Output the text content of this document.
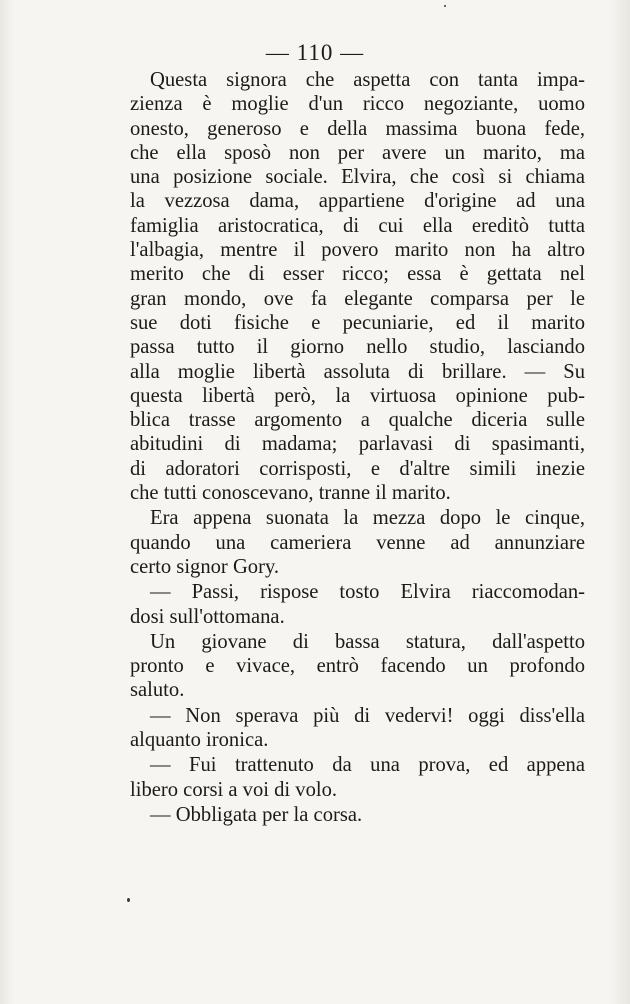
— 110 —
Questa signora che aspetta con tanta impa-
zienza è moglie d'un ricco negoziante, uomo
onesto, generoso e della massima buona fede,
che ella sposò non per avere un marito, ma
una posizione sociale. Elvira, che così si chiama
la vezzosa dama, appartiene d'origine ad una
famiglia aristocratica, di cui ella ereditò tutta
l'albagia, mentre il povero marito non ha altro
merito che di esser ricco; essa è gettata nel
gran mondo, ove fa elegante comparsa per le
sue doti fisiche e pecuniarie, ed il marito
passa tutto il giorno nello studio, lasciando
alla moglie libertà assoluta di brillare. — Su
questa libertà però, la virtuosa opinione pub-
blica trasse argomento a qualche diceria sulle
abitudini di madama; parlavasi di spasimanti,
di adoratori corrisposti, e d'altre simili inezie
che tutti conoscevano, tranne il marito.
Era appena suonata la mezza dopo le cinque,
quando una cameriera venne ad annunziare
certo signor Gory.
— Passi, rispose tosto Elvira riaccomodan-
dosi sull'ottomana.
Un giovane di bassa statura, dall'aspetto
pronto e vivace, entrò facendo un profondo
saluto.
— Non sperava più di vedervi! oggi diss'ella
alquanto ironica.
— Fui trattenuto da una prova, ed appena
libero corsi a voi di volo.
— Obbligata per la corsa.
